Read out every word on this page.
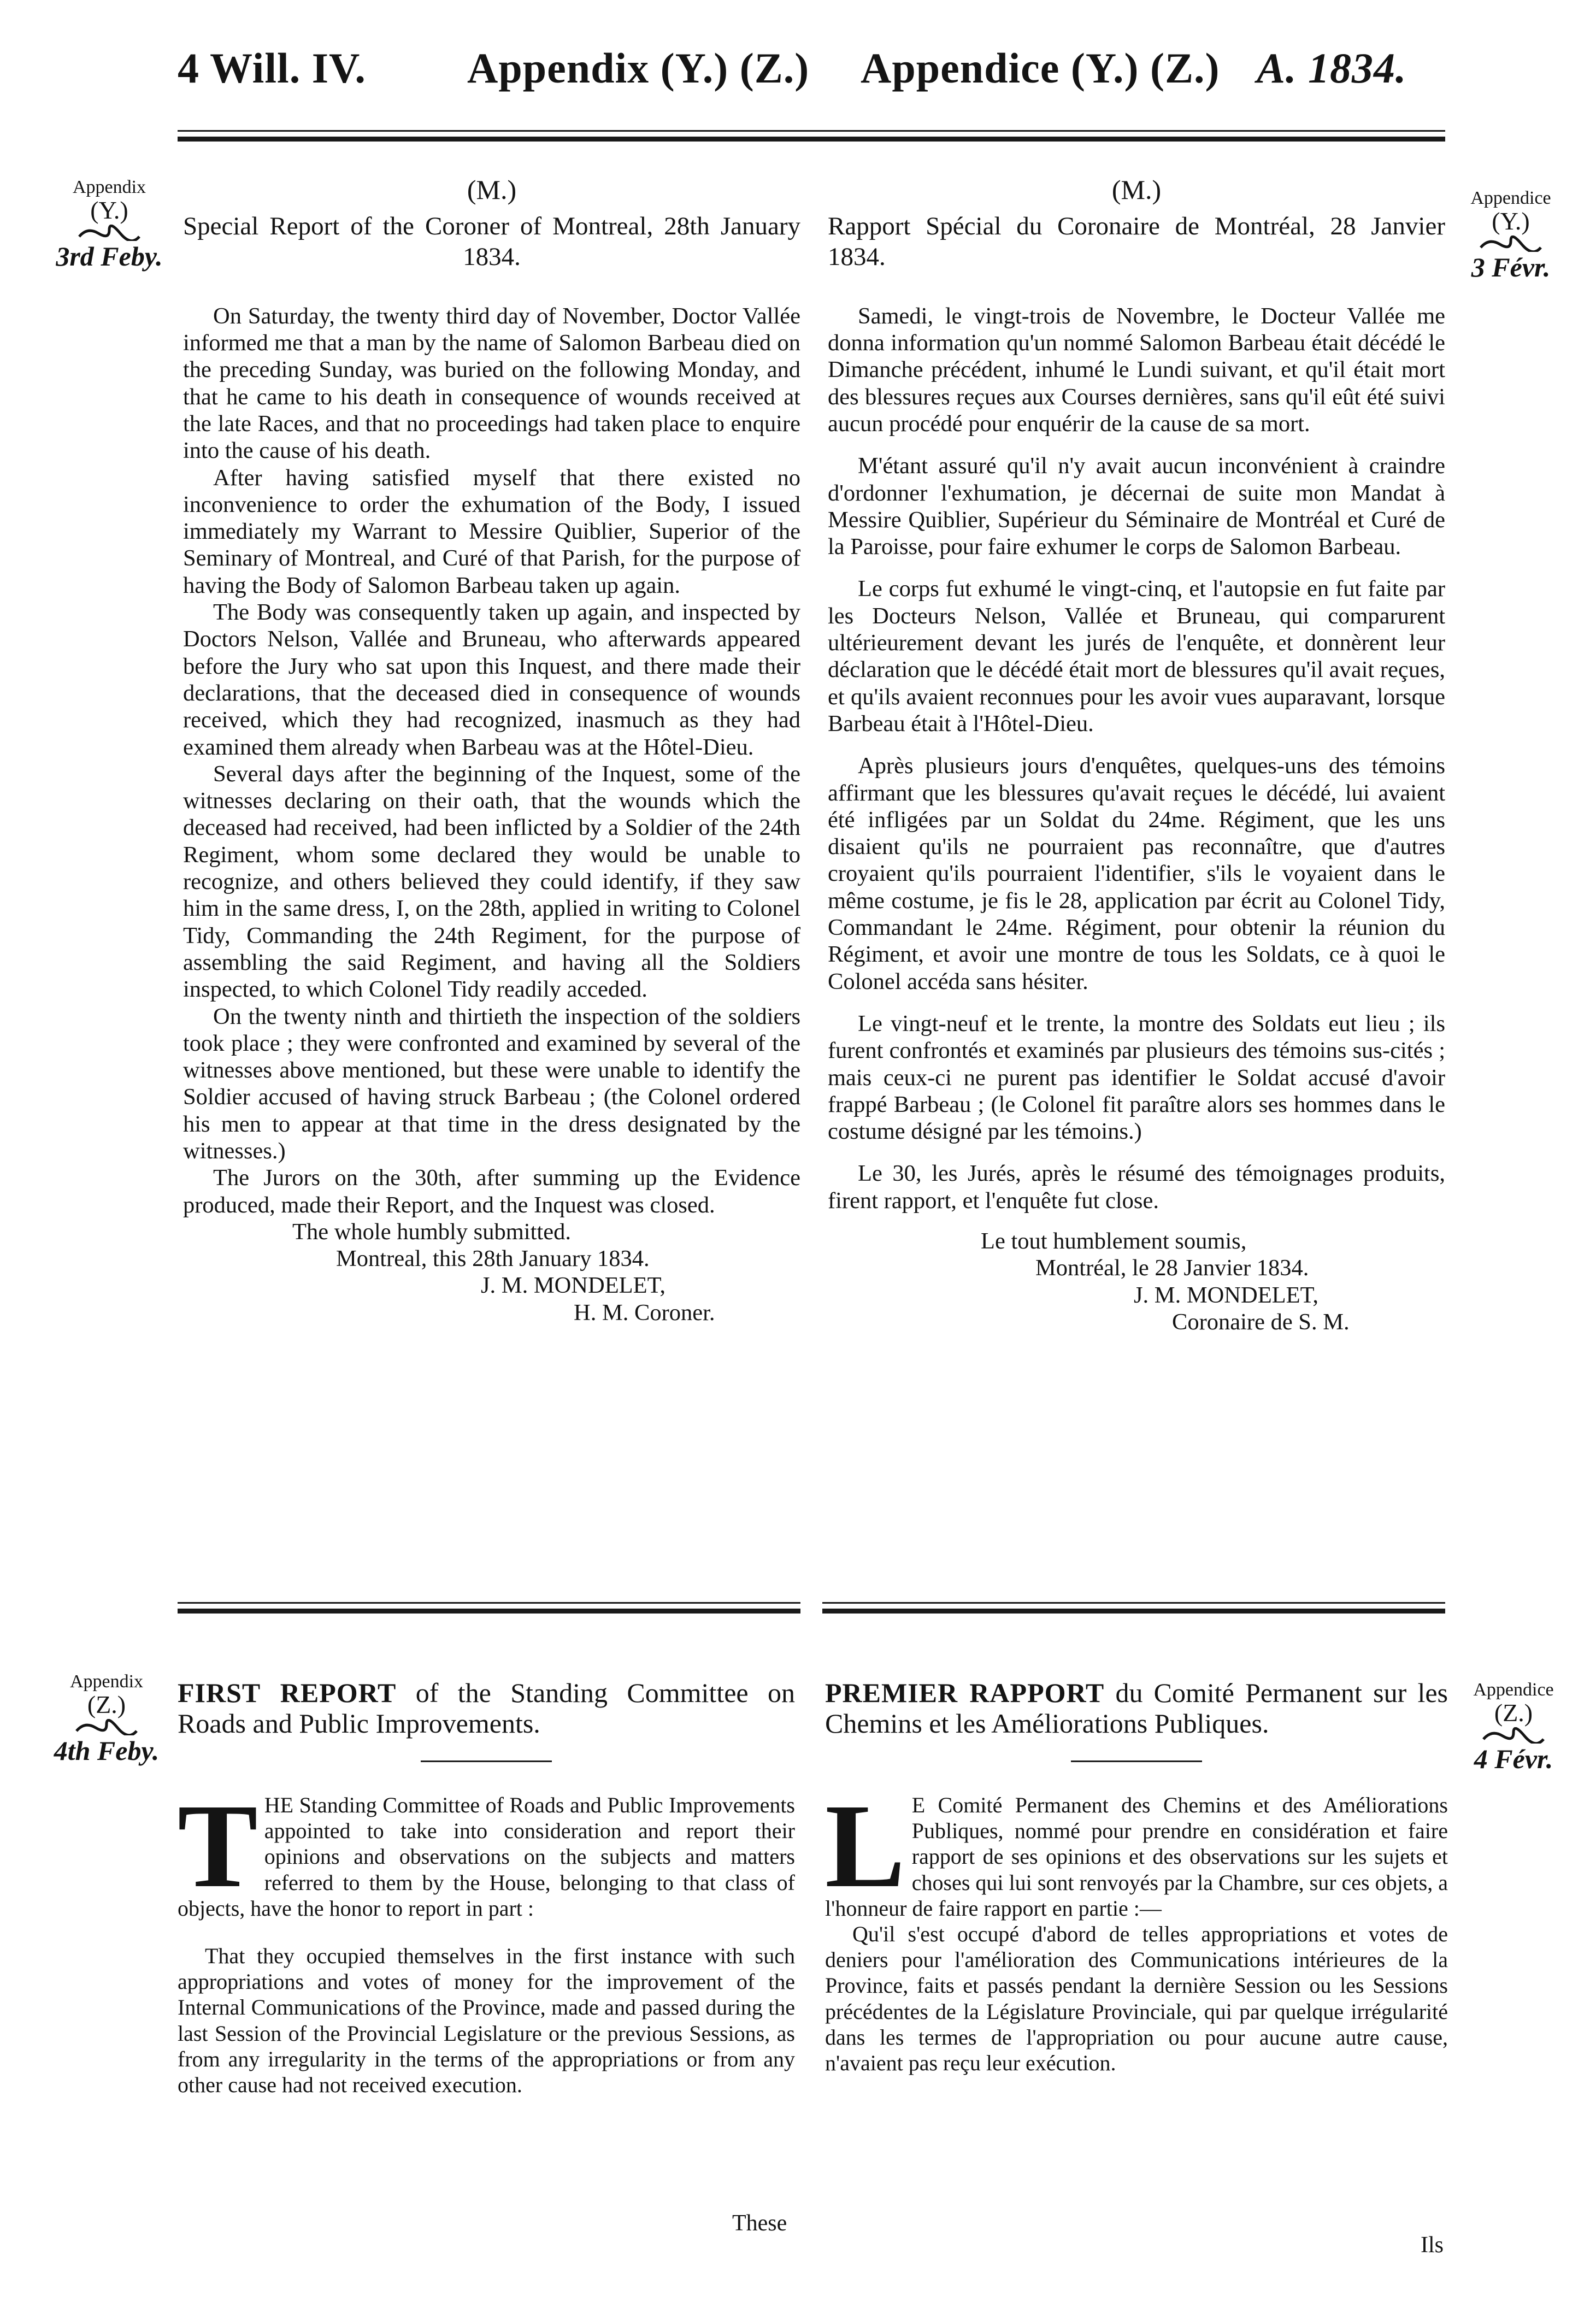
4 Will. IV. Appendix (Y.) (Z.) Appendice (Y.) (Z.) A. 1834.
Appendix
(Y.)
3rd Feby.
Appendice
(Y.)
3 Févr.
(M.)
Special Report of the Coroner of Montreal, 28th January 1834.

On Saturday, the twenty third day of November, Doctor Vallée informed me that a man by the name of Salomon Barbeau died on the preceding Sunday, was buried on the following Monday, and that he came to his death in consequence of wounds received at the late Races, and that no proceedings had taken place to enquire into the cause of his death.

After having satisfied myself that there existed no inconvenience to order the exhumation of the Body, I issued immediately my Warrant to Messire Quiblier, Superior of the Seminary of Montreal, and Curé of that Parish, for the purpose of having the Body of Salomon Barbeau taken up again.

The Body was consequently taken up again, and inspected by Doctors Nelson, Vallée and Bruneau, who afterwards appeared before the Jury who sat upon this Inquest, and there made their declarations, that the deceased died in consequence of wounds received, which they had recognized, inasmuch as they had examined them already when Barbeau was at the Hôtel-Dieu.

Several days after the beginning of the Inquest, some of the witnesses declaring on their oath, that the wounds which the deceased had received, had been inflicted by a Soldier of the 24th Regiment, whom some declared they would be unable to recognize, and others believed they could identify, if they saw him in the same dress, I, on the 28th, applied in writing to Colonel Tidy, Commanding the 24th Regiment, for the purpose of assembling the said Regiment, and having all the Soldiers inspected, to which Colonel Tidy readily acceded.

On the twenty ninth and thirtieth the inspection of the soldiers took place ; they were confronted and examined by several of the witnesses above mentioned, but these were unable to identify the Soldier accused of having struck Barbeau ; (the Colonel ordered his men to appear at that time in the dress designated by the witnesses.)

The Jurors on the 30th, after summing up the Evidence produced, made their Report, and the Inquest was closed.

The whole humbly submitted.
Montreal, this 28th January 1834.
J. M. MONDELET,
H. M. Coroner.
(M.)
Rapport Spécial du Coronaire de Montréal, 28 Janvier 1834.

Samedi, le vingt-trois de Novembre, le Docteur Vallée me donna information qu'un nommé Salomon Barbeau était décédé le Dimanche précédent, inhumé le Lundi suivant, et qu'il était mort des blessures reçues aux Courses dernières, sans qu'il eût été suivi aucun procédé pour enquérir de la cause de sa mort.

M'étant assuré qu'il n'y avait aucun inconvénient à craindre d'ordonner l'exhumation, je décernai de suite mon Mandat à Messire Quiblier, Supérieur du Séminaire de Montréal et Curé de la Paroisse, pour faire exhumer le corps de Salomon Barbeau.

Le corps fut exhumé le vingt-cinq, et l'autopsie en fut faite par les Docteurs Nelson, Vallée et Bruneau, qui comparurent ultérieurement devant les jurés de l'enquête, et donnèrent leur déclaration que le décédé était mort de blessures qu'il avait reçues, et qu'ils avaient reconnues pour les avoir vues auparavant, lorsque Barbeau était à l'Hôtel-Dieu.

Après plusieurs jours d'enquêtes, quelques-uns des témoins affirmant que les blessures qu'avait reçues le décédé, lui avaient été infligées par un Soldat du 24me. Régiment, que les uns disaient qu'ils ne pourraient pas reconnaître, que d'autres croyaient qu'ils pourraient l'identifier, s'ils le voyaient dans le même costume, je fis le 28, application par écrit au Colonel Tidy, Commandant le 24me. Régiment, pour obtenir la réunion du Régiment, et avoir une montre de tous les Soldats, ce à quoi le Colonel accéda sans hésiter.

Le vingt-neuf et le trente, la montre des Soldats eut lieu ; ils furent confrontés et examinés par plusieurs des témoins sus-cités ; mais ceux-ci ne purent pas identifier le Soldat accusé d'avoir frappé Barbeau ; (le Colonel fit paraître alors ses hommes dans le costume désigné par les témoins.)

Le 30, les Jurés, après le résumé des témoignages produits, firent rapport, et l'enquête fut close.

Le tout humblement soumis,
Montréal, le 28 Janvier 1834.
J. M. MONDELET,
Coronaire de S. M.
Appendix
(Z.)
4th Feby.
Appendice
(Z.)
4 Févr.
FIRST REPORT of the Standing Committee on Roads and Public Improvements.

THE Standing Committee of Roads and Public Improvements appointed to take into consideration and report their opinions and observations on the subjects and matters referred to them by the House, belonging to that class of objects, have the honor to report in part :

That they occupied themselves in the first instance with such appropriations and votes of money for the improvement of the Internal Communications of the Province, made and passed during the last Session of the Provincial Legislature or the previous Sessions, as from any irregularity in the terms of the appropriations or from any other cause had not received execution.

These
PREMIER RAPPORT du Comité Permanent sur les Chemins et les Améliorations Publiques.

L E Comité Permanent des Chemins et des Améliorations Publiques, nommé pour prendre en considération et faire rapport de ses opinions et des observations sur les sujets et choses qui lui sont renvoyés par la Chambre, sur ces objets, a l'honneur de faire rapport en partie :—

Qu'il s'est occupé d'abord de telles appropriations et votes de deniers pour l'amélioration des Communications intérieures de la Province, faits et passés pendant la dernière Session ou les Sessions précédentes de la Législature Provinciale, qui par quelque irrégularité dans les termes de l'appropriation ou pour aucune autre cause, n'avaient pas reçu leur exécution.

Ils
